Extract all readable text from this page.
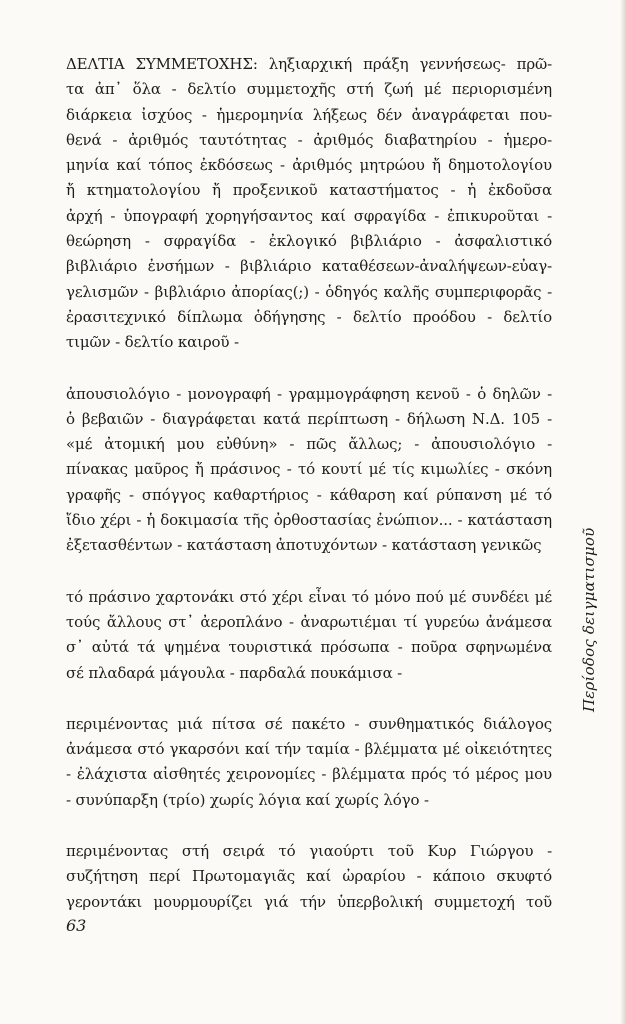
ΔΕΛΤΙΑ ΣΥΜΜΕΤΟΧΗΣ: ληξιαρχική πράξη γεννήσεως- πρῶ-

τα ἀπ᾽ ὅλα - δελτίο συμμετοχῆς στή ζωή μέ περιορισμένη

διάρκεια ἰσχύος - ἡμερομηνία λήξεως δέν ἀναγράφεται που-

θενά - ἀριθμός ταυτότητας - ἀριθμός διαβατηρίου - ἡμερο-

μηνία καί τόπος ἐκδόσεως - ἀριθμός μητρώου ἤ δημοτολογίου

ἤ κτηματολογίου ἤ προξενικοῦ καταστήματος - ἡ ἐκδοῦσα

ἀρχή - ὑπογραφή χορηγήσαντος καί σφραγίδα - ἐπικυροῦται -

θεώρηση - σφραγίδα - ἐκλογικό βιβλιάριο - ἀσφαλιστικό

βιβλιάριο ἐνσήμων - βιβλιάριο καταθέσεων-ἀναλήψεων-εὐαγ-

γελισμῶν - βιβλιάριο ἀπορίας(;) - ὁδηγός καλῆς συμπεριφορᾶς -

ἐρασιτεχνικό δίπλωμα ὁδήγησης - δελτίο προόδου - δελτίο

τιμῶν - δελτίο καιροῦ -

ἀπουσιολόγιο - μονογραφή - γραμμογράφηση κενοῦ - ὁ δηλῶν -

ὁ βεβαιῶν - διαγράφεται κατά περίπτωση - δήλωση Ν.Δ. 105 -

«μέ ἀτομική μου εὐθύνη» - πῶς ἄλλως; - ἀπουσιολόγιο -

πίνακας μαῦρος ἤ πράσινος - τό κουτί μέ τίς κιμωλίες - σκόνη

γραφῆς - σπόγγος καθαρτήριος - κάθαρση καί ρύπανση μέ τό

ἴδιο χέρι - ἡ δοκιμασία τῆς ὀρθοστασίας ἐνώπιον... - κατάσταση

ἐξετασθέντων - κατάσταση ἀποτυχόντων - κατάσταση γενικῶς

τό πράσινο χαρτονάκι στό χέρι εἶναι τό μόνο πού μέ συνδέει μέ

τούς ἄλλους στ᾽ ἀεροπλάνο - ἀναρωτιέμαι τί γυρεύω ἀνάμεσα

σ᾽ αὐτά τά ψημένα τουριστικά πρόσωπα - ποῦρα σφηνωμένα

σέ πλαδαρά μάγουλα - παρδαλά πουκάμισα -

περιμένοντας μιά πίτσα σέ πακέτο - συνθηματικός διάλογος

ἀνάμεσα στό γκαρσόνι καί τήν ταμία - βλέμματα μέ οἰκειότητες

- ἐλάχιστα αἰσθητές χειρονομίες - βλέμματα πρός τό μέρος μου

- συνύπαρξη (τρίο) χωρίς λόγια καί χωρίς λόγο -

περιμένοντας στή σειρά τό γιαούρτι τοῦ Κυρ Γιώργου -

συζήτηση περί Πρωτομαγιᾶς καί ὠραρίου - κάποιο σκυφτό

γεροντάκι μουρμουρίζει γιά τήν ὑπερβολική συμμετοχή τοῦ

Περίοδος δειγματισμοῦ
63
